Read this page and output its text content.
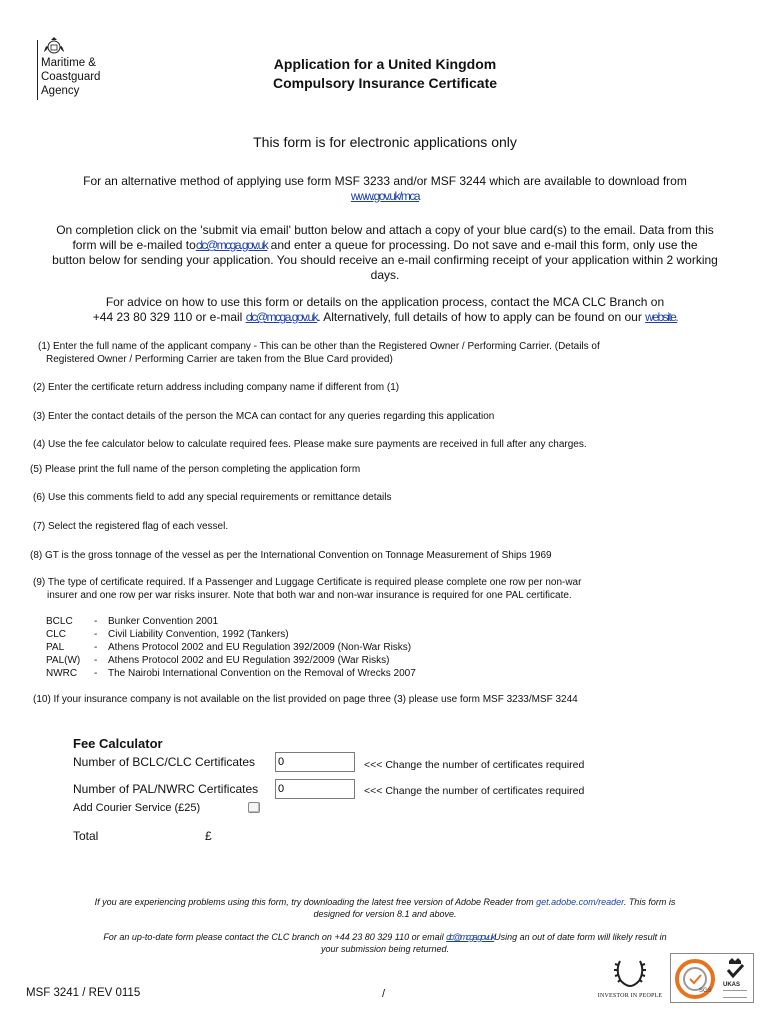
Maritime &
Coastguard
Agency
Application for a United Kingdom
Compulsory Insurance Certificate
This form is for electronic applications only
For an alternative method of applying use form MSF 3233 and/or MSF 3244 which are available to download from
www.gov.uk/mca
On completion click on the 'submit via email' button below and attach a copy of your blue card(s) to the email. Data from this
form will be e-mailed toclc@mcga.gov.uk and enter a queue for processing. Do not save and e-mail this form, only use the
button below for sending your application. You should receive an e-mail confirming receipt of your application within 2 working
days.
For advice on how to use this form or details on the application process, contact the MCA CLC Branch on
+44 23 80 329 110 or e-mail clc@mcga.gov.uk. Alternatively, full details of how to apply can be found on our website.
(1) Enter the full name of the applicant company - This can be other than the Registered Owner / Performing Carrier. (Details of
Registered Owner / Performing Carrier are taken from the Blue Card provided)
(2) Enter the certificate return address including company name if different from (1)
(3) Enter the contact details of the person the MCA can contact for any queries regarding this application
(4) Use the fee calculator below to calculate required fees. Please make sure payments are received in full after any charges.
(5) Please print the full name of the person completing the application form
(6) Use this comments field to add any special requirements or remittance details
(7) Select the registered flag of each vessel.
(8) GT is the gross tonnage of the vessel as per the International Convention on Tonnage Measurement of Ships 1969
(9) The type of certificate required. If a Passenger and Luggage Certificate is required please complete one row per non-war
insurer and one row per war risks insurer. Note that both war and non-war insurance is required for one PAL certificate.
BCLC - Bunker Convention 2001
CLC	- Civil Liability Convention, 1992 (Tankers)
PAL	- Athens Protocol 2002 and EU Regulation 392/2009 (Non-War Risks)
PAL(W) - Athens Protocol 2002 and EU Regulation 392/2009 (War Risks)
NWRC - The Nairobi International Convention on the Removal of Wrecks 2007
(10) If your insurance company is not available on the list provided on page three (3) please use form MSF 3233/MSF 3244
Fee Calculator
Number of BCLC/CLC Certificates
0	<<< Change the number of certificates required
Number of PAL/NWRC Certificates
0	<<< Change the number of certificates required
Add Courier Service (£25)
Total	£
If you are experiencing problems using this form, try downloading the latest free version of Adobe Reader from get.adobe.com/reader. This form is
designed for version 8.1 and above.
For an up-to-date form please contact the CLC branch on +44 23 80 329 110 or email clc@mcga.gov.ukUsing an out of date form will likely result in
your submission being returned.
INVESTOR IN PEOPLE
SGS
UKAS
MSF 3241 / REV 0115	/
